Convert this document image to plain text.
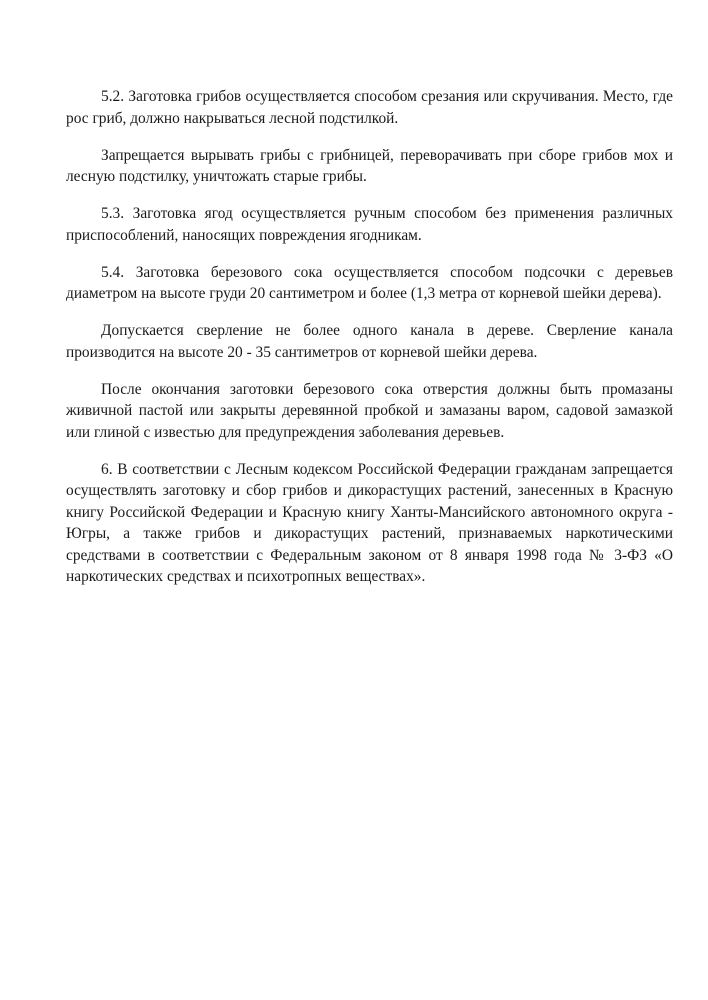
5.2. Заготовка грибов осуществляется способом срезания или скручивания. Место, где рос гриб, должно накрываться лесной подстилкой.

Запрещается вырывать грибы с грибницей, переворачивать при сборе грибов мох и лесную подстилку, уничтожать старые грибы.

5.3. Заготовка ягод осуществляется ручным способом без применения различных приспособлений, наносящих повреждения ягодникам.

5.4. Заготовка березового сока осуществляется способом подсочки с деревьев диаметром на высоте груди 20 сантиметром и более (1,3 метра от корневой шейки дерева).

Допускается сверление не более одного канала в дереве. Сверление канала производится на высоте 20 - 35 сантиметров от корневой шейки дерева.

После окончания заготовки березового сока отверстия должны быть промазаны живичной пастой или закрыты деревянной пробкой и замазаны варом, садовой замазкой или глиной с известью для предупреждения заболевания деревьев.

6. В соответствии с Лесным кодексом Российской Федерации гражданам запрещается осуществлять заготовку и сбор грибов и дикорастущих растений, занесенных в Красную книгу Российской Федерации и Красную книгу Ханты-Мансийского автономного округа - Югры, а также грибов и дикорастущих растений, признаваемых наркотическими средствами в соответствии с Федеральным законом от 8 января 1998 года № 3-ФЗ «О наркотических средствах и психотропных веществах».
